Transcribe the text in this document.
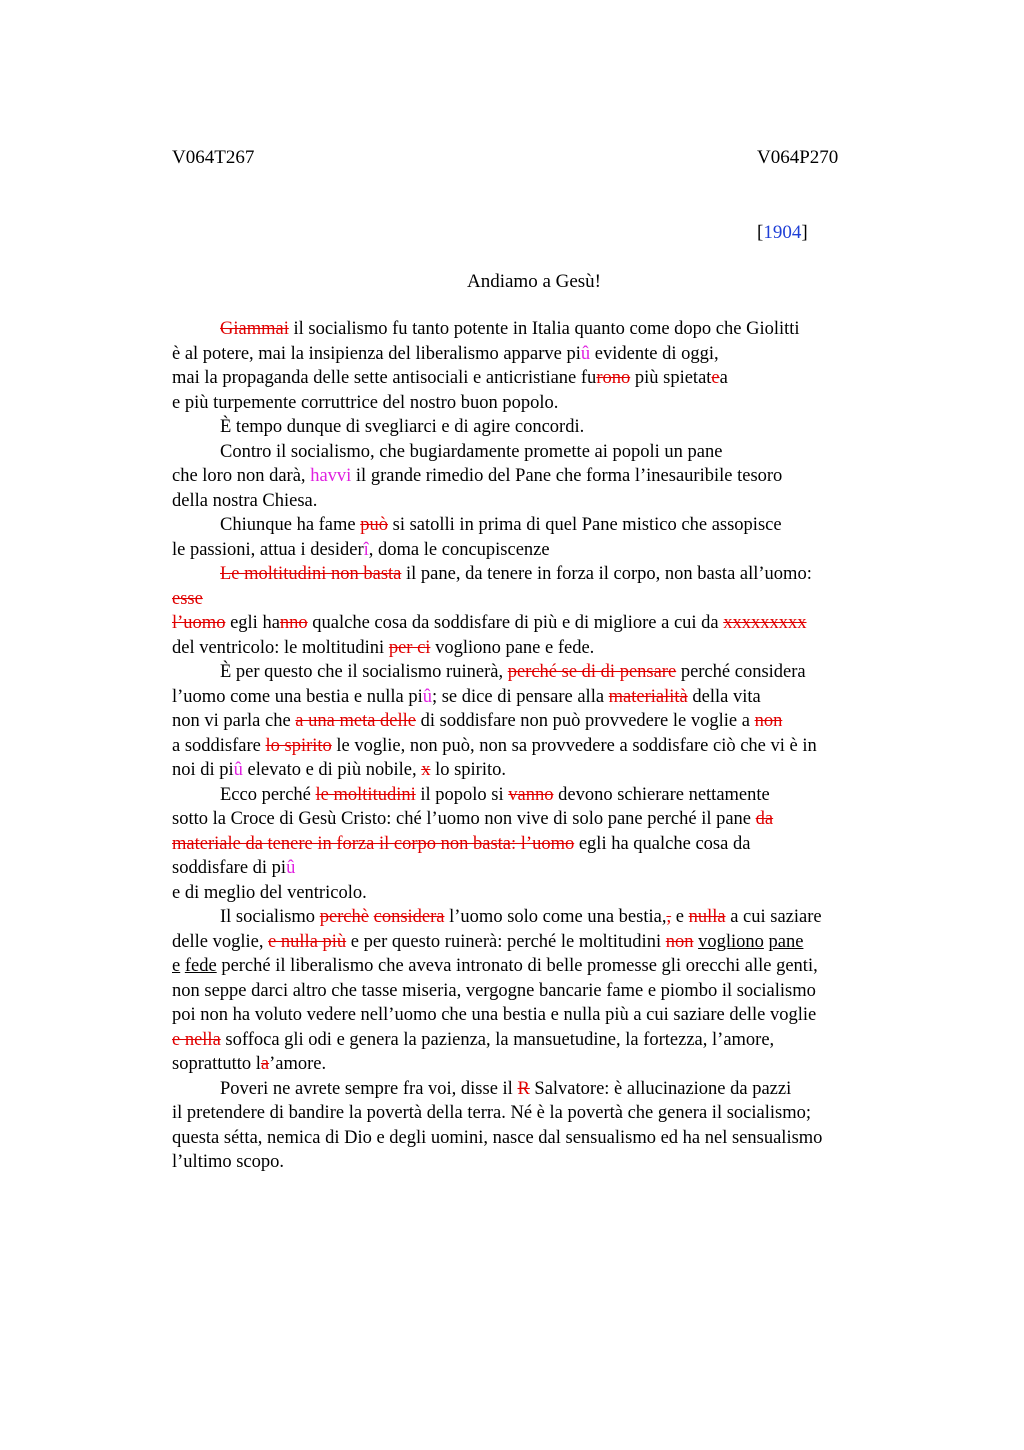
V064T267	V064P270
[1904]
Andiamo a Gesù!
Giammai il socialismo fu tanto potente in Italia quanto come dopo che Giolitti
è al potere, mai la insipienza del liberalismo apparve piû evidente di oggi,
mai la propaganda delle sette antisociali e anticristiane furono più spietatea
e più turpemente corruttrice del nostro buon popolo.
È tempo dunque di svegliarci e di agire concordi.
Contro il socialismo, che bugiardamente promette ai popoli un pane
che loro non darà, havvi il grande rimedio del Pane che forma l’inesauribile tesoro
della nostra Chiesa.
Chiunque ha fame può si satolli in prima di quel Pane mistico che assopisce
le passioni, attua i desiderî, doma le concupiscenze
Le moltitudini non basta il pane, da tenere in forza il corpo, non basta all’uomo:
esse
l’uomo egli hanno qualche cosa da soddisfare di più e di migliore a cui da xxxxxxxxx
del ventricolo: le moltitudini per ci vogliono pane e fede.
È per questo che il socialismo ruinerà, perché se di di pensare perché considera
l’uomo come una bestia e nulla piû; se dice di pensare alla materialità della vita
non vi parla che a una meta delle di soddisfare non può provvedere le voglie a non
a soddisfare lo spirito le voglie, non può, non sa provvedere a soddisfare ciò che vi è in
noi di piû elevato e di più nobile, x lo spirito.
Ecco perché le moltitudini il popolo si vanno devono schierare nettamente
sotto la Croce di Gesù Cristo: ché l’uomo non vive di solo pane perché il pane da
materiale da tenere in forza il corpo non basta: l’uomo egli ha qualche cosa da
soddisfare di piû
e di meglio del ventricolo.
Il socialismo perchè considera l’uomo solo come una bestia,, e nulla a cui saziare
delle voglie, e nulla più e per questo ruinerà: perché le moltitudini non vogliono pane
e fede perché il liberalismo che aveva intronato di belle promesse gli orecchi alle genti,
non seppe darci altro che tasse miseria, vergogne bancarie fame e piombo il socialismo
poi non ha voluto vedere nell’uomo che una bestia e nulla più a cui saziare delle voglie
e nella soffoca gli odi e genera la pazienza, la mansuetudine, la fortezza, l’amore,
soprattutto la’amore.
Poveri ne avrete sempre fra voi, disse il R Salvatore: è allucinazione da pazzi
il pretendere di bandire la povertà della terra. Né è la povertà che genera il socialismo;
questa sétta, nemica di Dio e degli uomini, nasce dal sensualismo ed ha nel sensualismo
l’ultimo scopo.
